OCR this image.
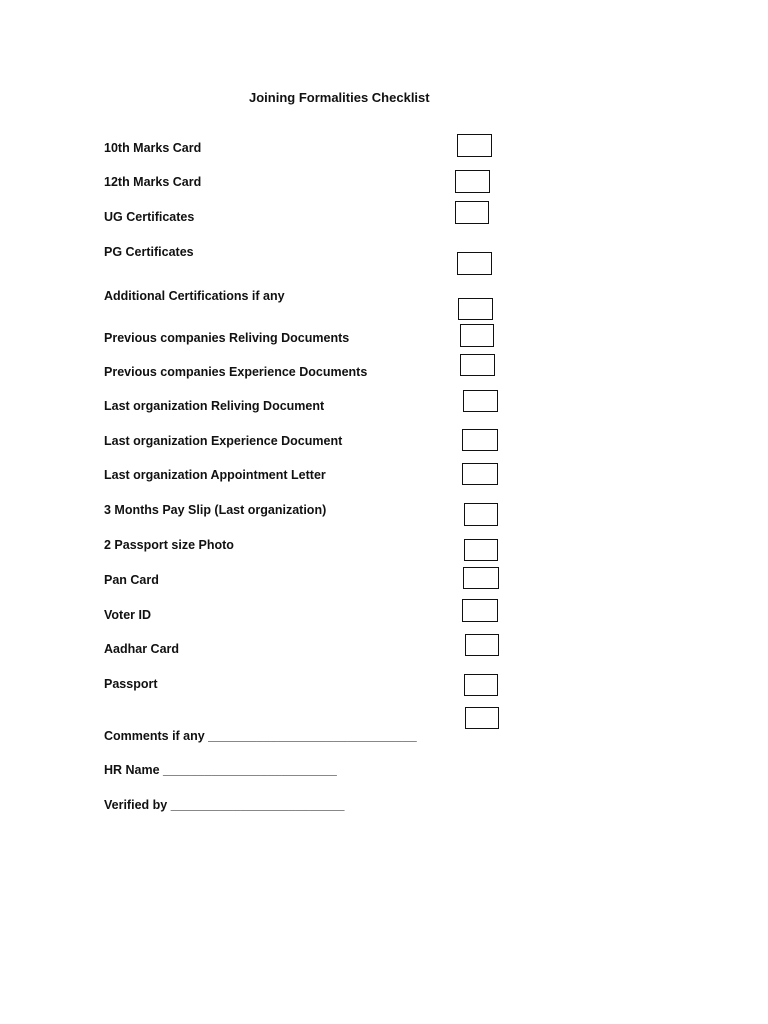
Joining Formalities Checklist
10th Marks Card
12th Marks Card
UG Certificates
PG Certificates
Additional Certifications if any
Previous companies Reliving Documents
Previous companies Experience Documents
Last organization Reliving Document
Last organization Experience Document
Last organization Appointment Letter
3 Months Pay Slip (Last organization)
2 Passport size Photo
Pan Card
Voter ID
Aadhar Card
Passport
Comments if any ______________________________
HR Name _________________________
Verified by _________________________
